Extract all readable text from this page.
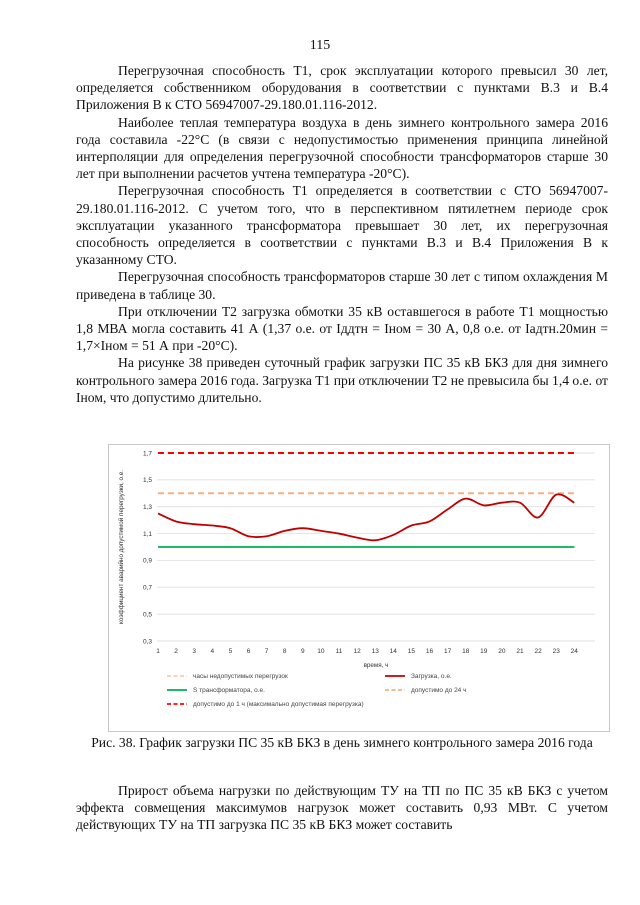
115

Перегрузочная способность Т1, срок эксплуатации которого превысил 30 лет, определяется собственником оборудования в соответствии с пунктами В.3 и В.4 Приложения В к СТО 56947007-29.180.01.116-2012.

Наиболее теплая температура воздуха в день зимнего контрольного замера 2016 года составила -22°С (в связи с недопустимостью применения принципа линейной интерполяции для определения перегрузочной способности трансформаторов старше 30 лет при выполнении расчетов учтена температура -20°С).

Перегрузочная способность Т1 определяется в соответствии с СТО 56947007-29.180.01.116-2012. С учетом того, что в перспективном пятилетнем периоде срок эксплуатации указанного трансформатора превышает 30 лет, их перегрузочная способность определяется в соответствии с пунктами В.3 и В.4 Приложения В к указанному СТО.

Перегрузочная способность трансформаторов старше 30 лет с типом охлаждения М приведена в таблице 30.

При отключении Т2 загрузка обмотки 35 кВ оставшегося в работе Т1 мощностью 1,8 МВА могла составить 41 А (1,37 о.е. от Iддтн = Iном = 30 А, 0,8 о.е. от Iадтн.20мин = 1,7×Iном = 51 А при -20°С).

На рисунке 38 приведен суточный график загрузки ПС 35 кВ БКЗ для дня зимнего контрольного замера 2016 года. Загрузка Т1 при отключении Т2 не превысила бы 1,4 о.е. от Iном, что допустимо длительно.

0,3
0,5
0,7
0,9
1,1
1,3
1,5
1,7
1 2 3 4 5 6 7 8 9 10 11 12 13 14 15 16 17 18 19 20 21 22 23 24
время, ч
коэффициент аварийно допустимой перегрузки, о.е.
часы недопустимых перегрузок	Загрузка, о.е.
S трансформатора, о.е.	допустимо до 24 ч
допустимо до 1 ч (максимально допустимая перегрузка)
Рис. 38. График загрузки ПС 35 кВ БКЗ в день зимнего контрольного замера 2016 года

Прирост объема нагрузки по действующим ТУ на ТП по ПС 35 кВ БКЗ с учетом эффекта совмещения максимумов нагрузок может составить 0,93 МВт. С учетом действующих ТУ на ТП загрузка ПС 35 кВ БКЗ может составить
